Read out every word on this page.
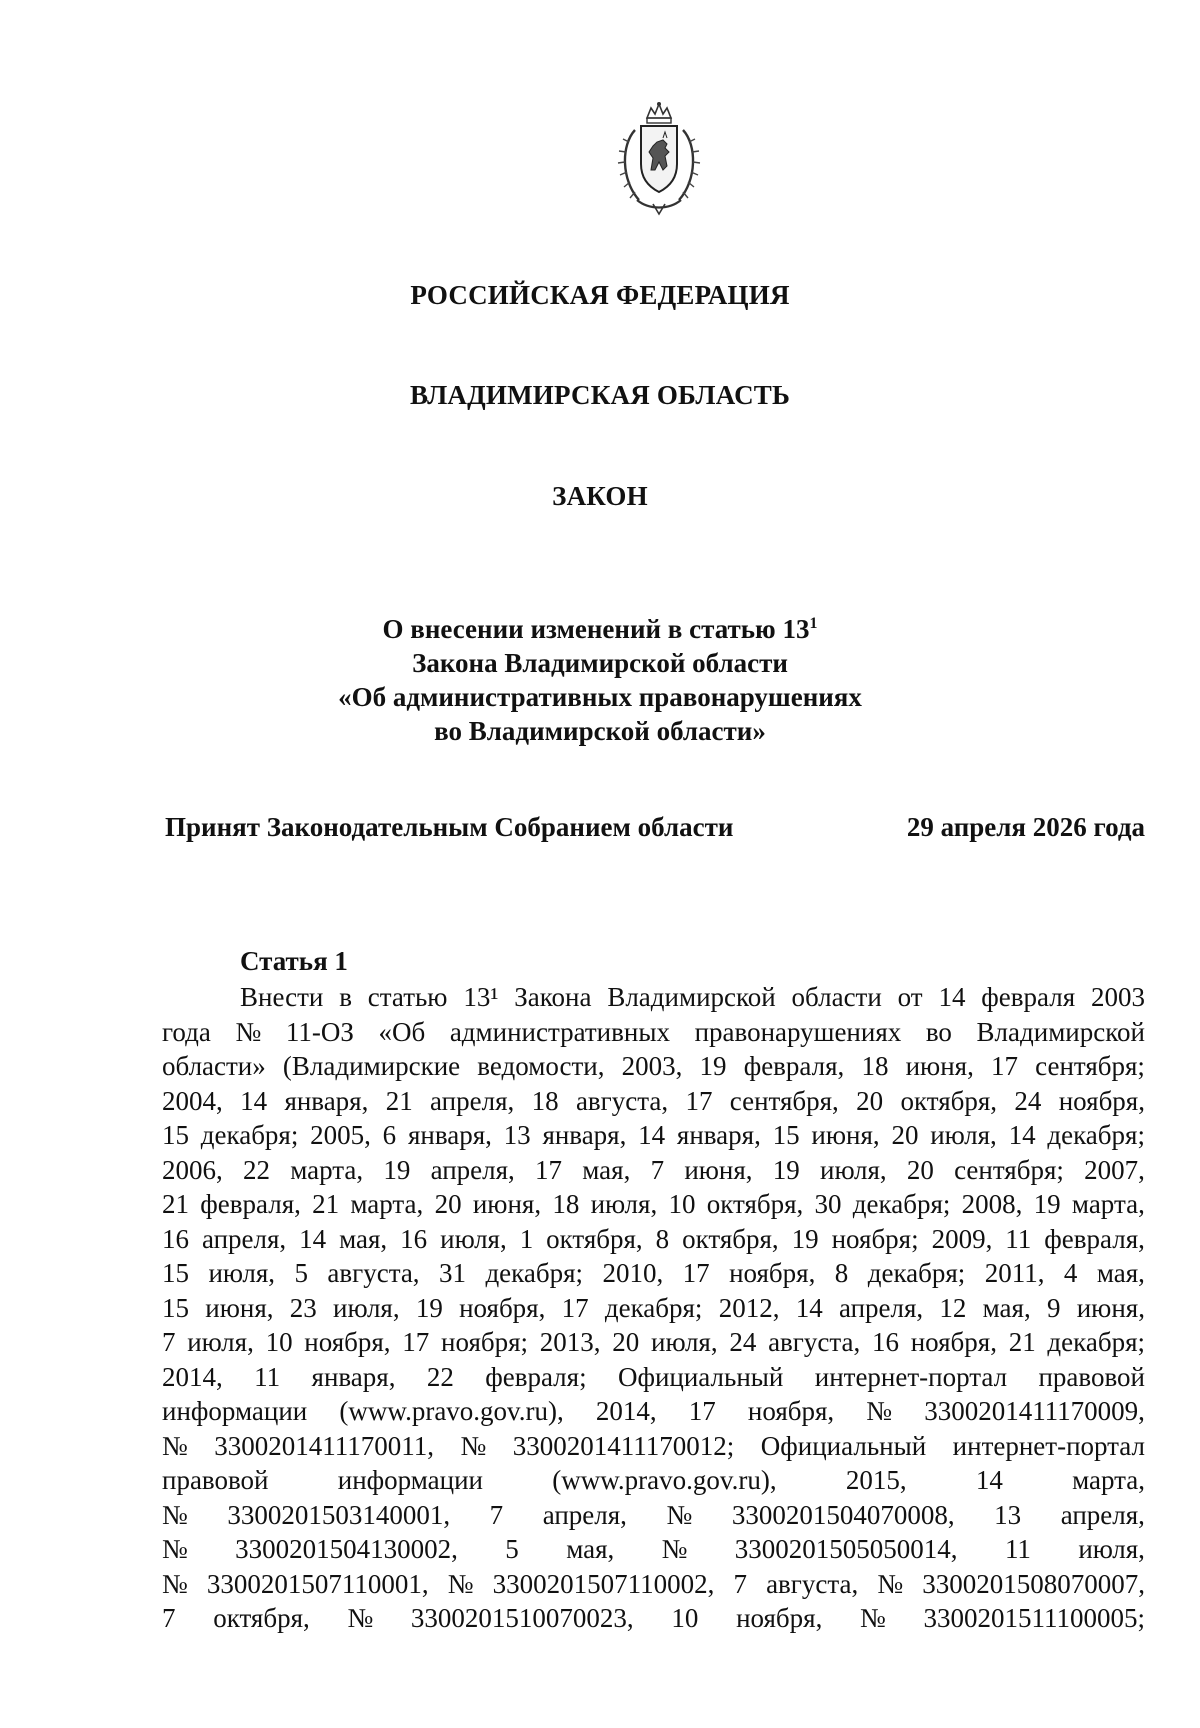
РОССИЙСКАЯ ФЕДЕРАЦИЯ
ВЛАДИМИРСКАЯ ОБЛАСТЬ
ЗАКОН
О внесении изменений в статью $13^1$
Закона Владимирской области
«Об административных правонарушениях
во Владимирской области»
Принят Законодательным Собранием области	29 апреля 2026 года
Статья 1
Внести в статью 13¹ Закона Владимирской области от 14 февраля 2003
года № 11-ОЗ «Об административных правонарушениях во Владимирской
области» (Владимирские ведомости, 2003, 19 февраля, 18 июня, 17 сентября;
2004, 14 января, 21 апреля, 18 августа, 17 сентября, 20 октября, 24 ноября,
15 декабря; 2005, 6 января, 13 января, 14 января, 15 июня, 20 июля, 14 декабря;
2006, 22 марта, 19 апреля, 17 мая, 7 июня, 19 июля, 20 сентября; 2007,
21 февраля, 21 марта, 20 июня, 18 июля, 10 октября, 30 декабря; 2008, 19 марта,
16 апреля, 14 мая, 16 июля, 1 октября, 8 октября, 19 ноября; 2009, 11 февраля,
15 июля, 5 августа, 31 декабря; 2010, 17 ноября, 8 декабря; 2011, 4 мая,
15 июня, 23 июля, 19 ноября, 17 декабря; 2012, 14 апреля, 12 мая, 9 июня,
7 июля, 10 ноября, 17 ноября; 2013, 20 июля, 24 августа, 16 ноября, 21 декабря;
2014, 11 января, 22 февраля; Официальный интернет-портал правовой
информации (www.pravo.gov.ru), 2014, 17 ноября, № 3300201411170009,
№ 3300201411170011, № 3300201411170012; Официальный интернет-портал
правовой	информации	(www.pravo.gov.ru),	2015,	14	марта,
№ 3300201503140001, 7 апреля, № 3300201504070008, 13 апреля,
№ 3300201504130002, 5 мая, № 3300201505050014, 11 июля,
№ 3300201507110001, № 3300201507110002, 7 августа, № 3300201508070007,
7 октября, № 3300201510070023, 10 ноября, № 3300201511100005;
